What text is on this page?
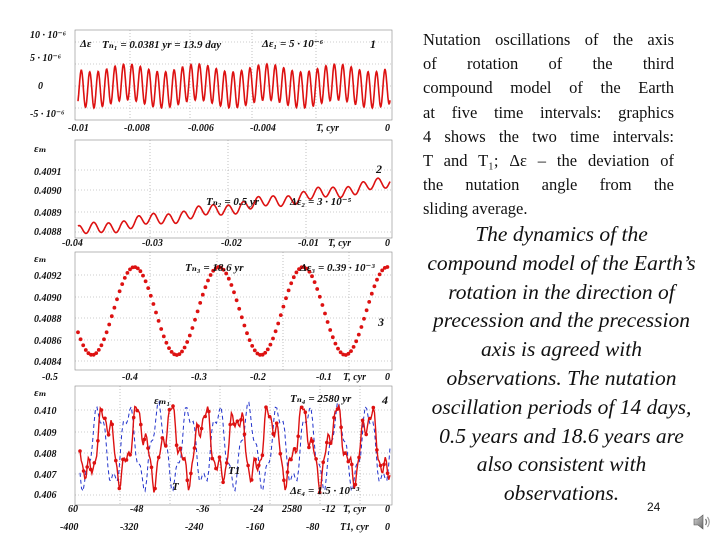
10 · 10⁻⁶
5 · 10⁻⁶
0
-5 · 10⁻⁶
Δε Tₙ₁ = 0.0381 yr = 13.9 day	Δε₁ = 5 · 10⁻⁶	1
-0.01	-0.008	-0.006	-0.004	T, cyr	0
εₘ
0.4091
0.4090
0.4089
0.4088
2
Tₙ₂ = 0.5 yr	Δε₂ = 3 · 10⁻⁵
-0.04	-0.03	-0.02	-0.01 T, cyr	0
εₘ
0.4092
0.4090
0.4088
0.4086
0.4084
Tₙ₃ = 18.6 yr	Δε₃ = 0.39 · 10⁻³
3
-0.5	-0.4	-0.3	-0.2	-0.1 T, cyr 0
εₘ
0.410
0.409
0.408
0.407
0.406
εₘ₁	Tₙ₄ = 2580 yr	4
T1
T	Δε₄ = 1.5 · 10⁻³
60	-48	-36	-24 2580 -12 T, cyr 0
-400	-320	-240	-160	-80 T1, cyr 0
Nutation oscillations of the axis
of rotation of the third
compound model of the Earth
at five time intervals: graphics
4 shows the two time intervals:
T and T₁; Δε – the deviation of
the nutation angle from the
sliding average.
The dynamics of the
compound model of the Earth’s
rotation in the direction of
precession and the precession
axis is agreed with
observations. The nutation
oscillation periods of 14 days,
0.5 years and 18.6 years are
also consistent with
observations.
24
